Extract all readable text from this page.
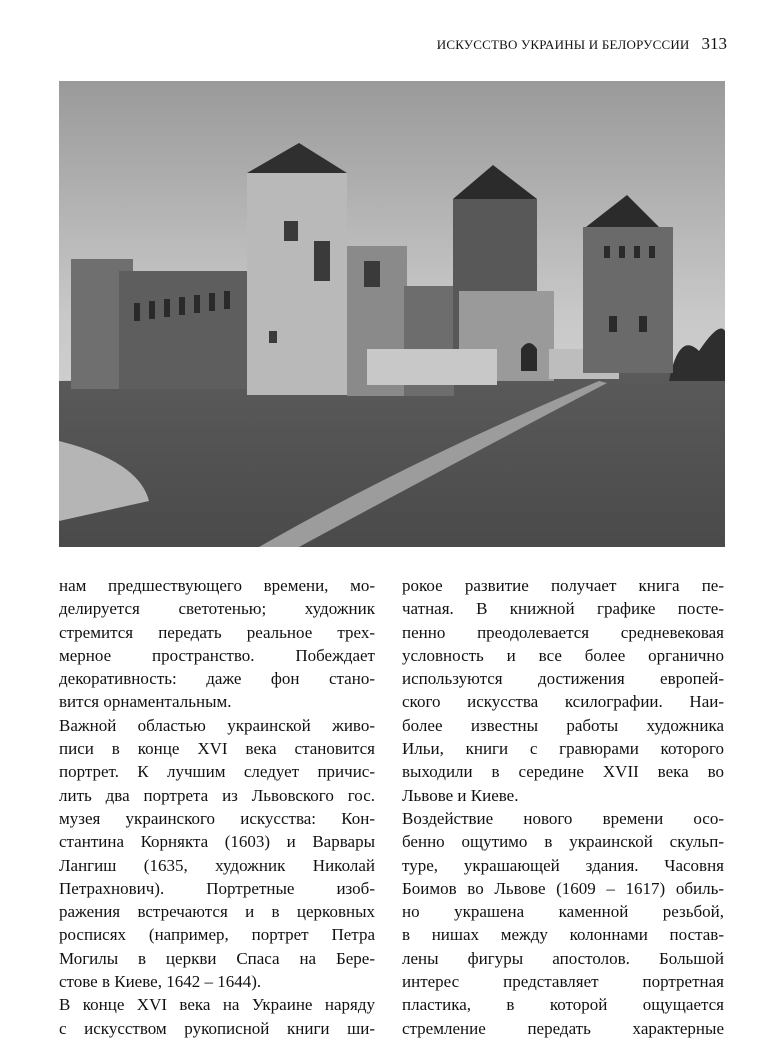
ИСКУССТВО УКРАИНЫ И БЕЛОРУССИИ 313
нам предшествующего времени, мо-
делируется светотенью; художник
стремится передать реальное трех-
мерное пространство. Побеждает
декоративность: даже фон стано-
вится орнаментальным.
Важной областью украинской живо-
писи в конце XVI века становится
портрет. К лучшим следует причис-
лить два портрета из Львовского гос.
музея украинского искусства: Кон-
стантина Корнякта (1603) и Варвары
Лангиш (1635, художник Николай
Петрахнович). Портретные изоб-
ражения встречаются и в церковных
росписях (например, портрет Петра
Могилы в церкви Спаса на Бере-
стове в Киеве, 1642 – 1644).
В конце XVI века на Украине наряду
с искусством рукописной книги ши-
рокое развитие получает книга пе-
чатная. В книжной графике посте-
пенно преодолевается средневековая
условность и все более органично
используются достижения европей-
ского искусства ксилографии. Наи-
более известны работы художника
Ильи, книги с гравюрами которого
выходили в середине XVII века во
Львове и Киеве.
Воздействие нового времени осо-
бенно ощутимо в украинской скульп-
туре, украшающей здания. Часовня
Боимов во Львове (1609 – 1617) обиль-
но украшена каменной резьбой,
в нишах между колоннами постав-
лены фигуры апостолов. Большой
интерес представляет портретная
пластика, в которой ощущается
стремление передать характерные
